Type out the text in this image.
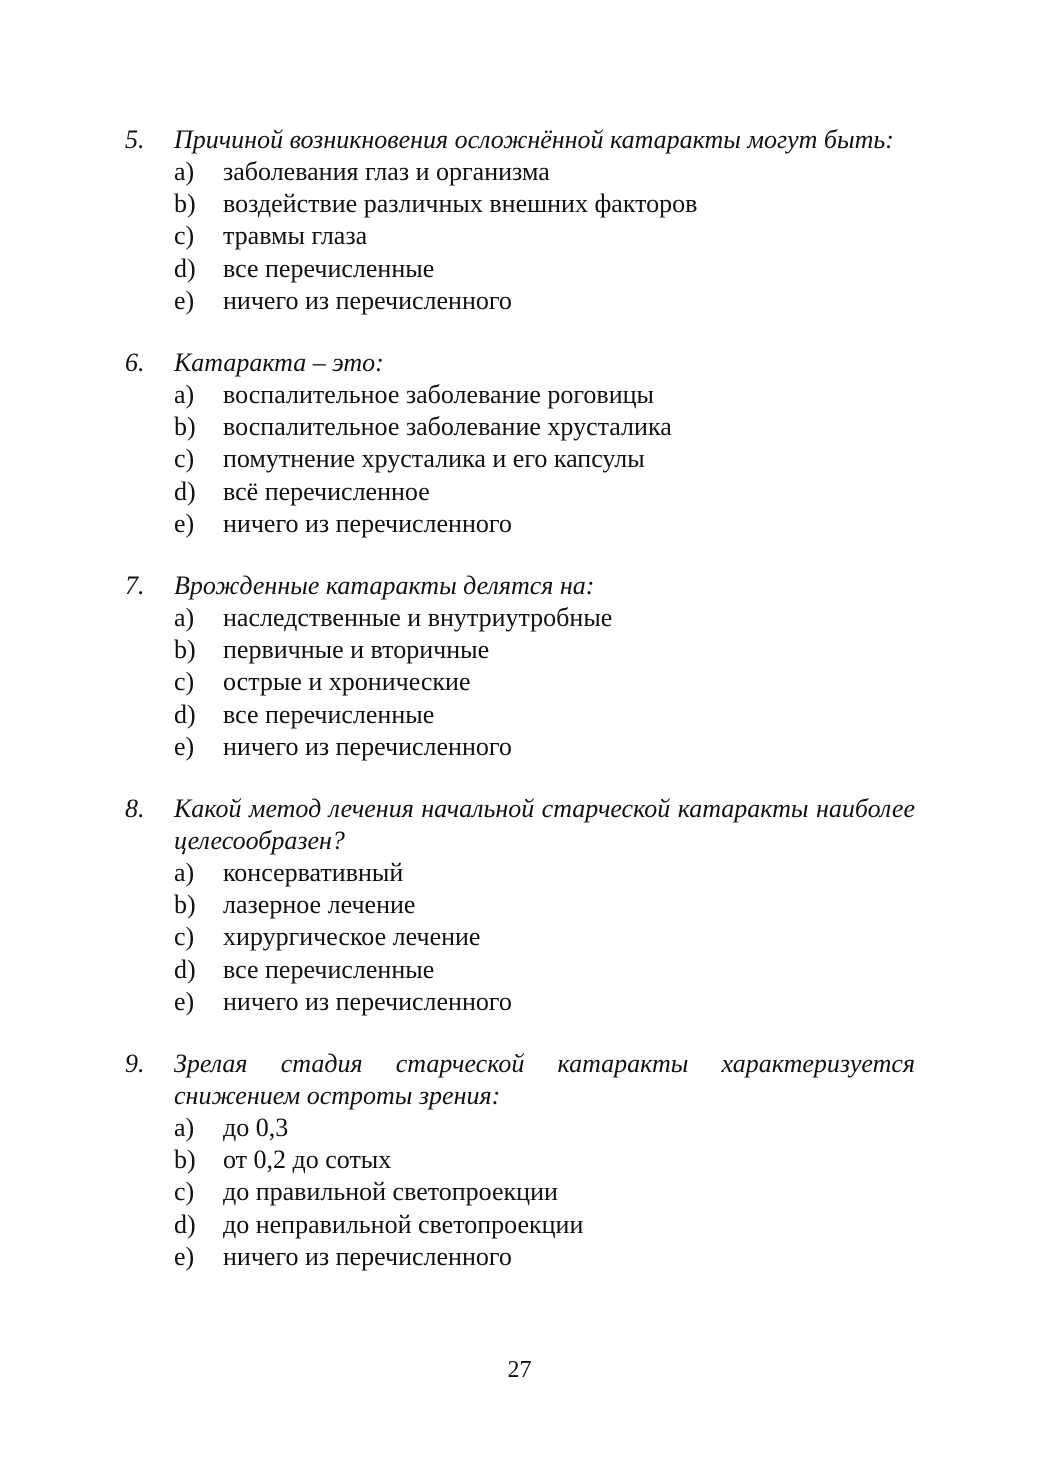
5.	Причиной возникновения осложнённой катаракты могут быть:
a)	заболевания глаз и организма
b)	воздействие различных внешних факторов
c)	травмы глаза
d)	все перечисленные
e)	ничего из перечисленного
6.	Катаракта – это:
a)	воспалительное заболевание роговицы
b)	воспалительное заболевание хрусталика
c)	помутнение хрусталика и его капсулы
d)	всё перечисленное
e)	ничего из перечисленного
7.	Врожденные катаракты делятся на:
a)	наследственные и внутриутробные
b)	первичные и вторичные
c)	острые и хронические
d)	все перечисленные
e)	ничего из перечисленного
8.	Какой метод лечения начальной старческой катаракты наиболее целесообразен?
a)	консервативный
b)	лазерное лечение
c)	хирургическое лечение
d)	все перечисленные
e)	ничего из перечисленного
9.	Зрелая стадия старческой катаракты характеризуется снижением остроты зрения:
a)	до 0,3
b)	от 0,2 до сотых
c)	до правильной светопроекции
d)	до неправильной светопроекции
e)	ничего из перечисленного
27
